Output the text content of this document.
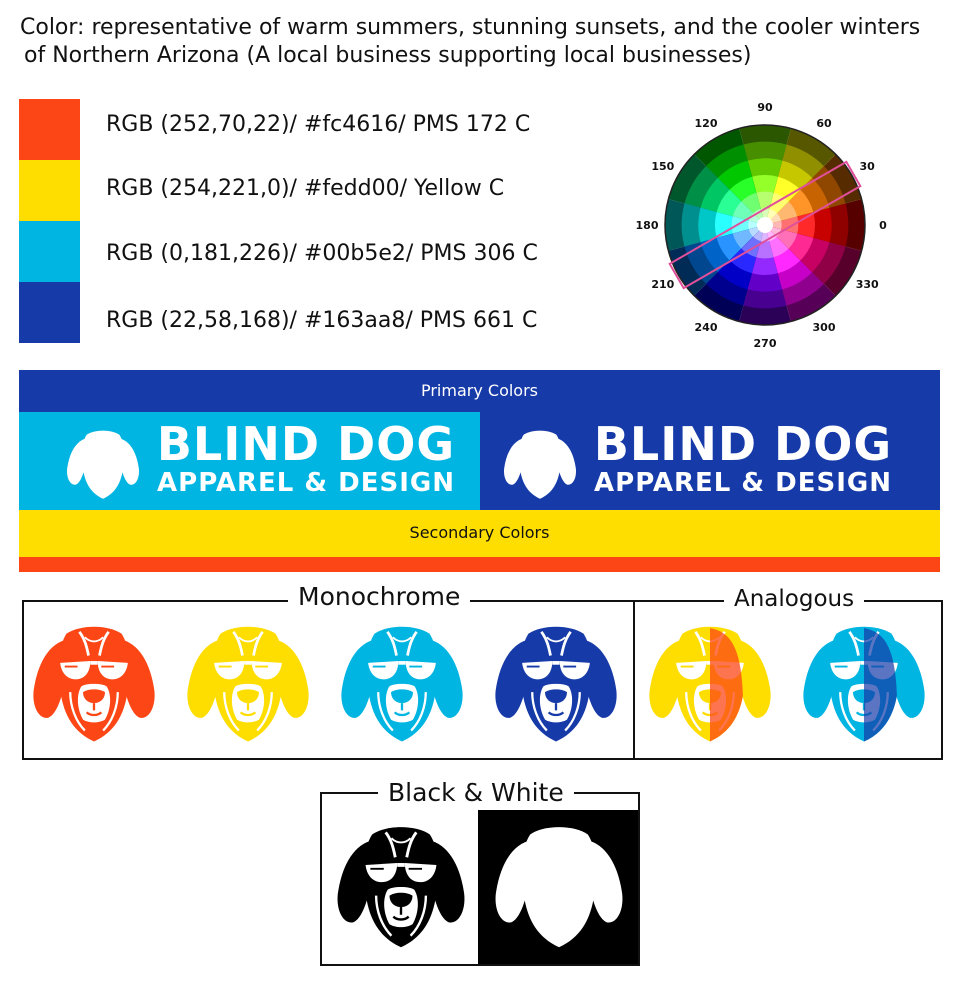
Color: representative of warm summers, stunning sunsets, and the cooler winters
of Northern Arizona (A local business supporting local businesses)
RGB (252,70,22)/ #fc4616/ PMS 172 C
RGB (254,221,0)/ #fedd00/ Yellow C
RGB (0,181,226)/ #00b5e2/ PMS 306 C
RGB (22,58,168)/ #163aa8/ PMS 661 C
0
30
60
90
120
150
180
210
240
270
300
330
Primary Colors
BLIND DOG
APPAREL & DESIGN
BLIND DOG
APPAREL & DESIGN
Secondary Colors
Monochrome	Analogous
Black & White
